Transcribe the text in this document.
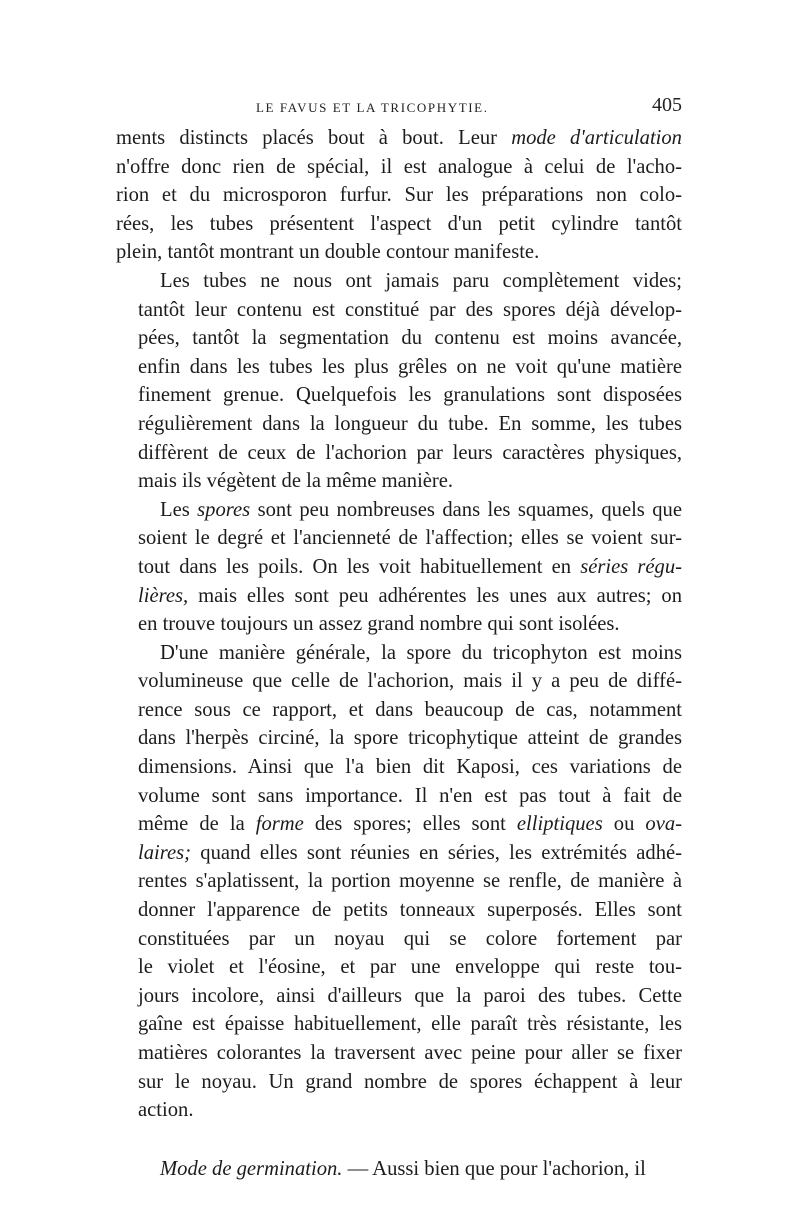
LE FAVUS ET LA TRICOPHYTIE.	405

ments distincts placés bout à bout. Leur mode d'articulation
n'offre donc rien de spécial, il est analogue à celui de l'acho-
rion et du microsporon furfur. Sur les préparations non colo-
rées, les tubes présentent l'aspect d'un petit cylindre tantôt
plein, tantôt montrant un double contour manifeste.

Les tubes ne nous ont jamais paru complètement vides;
tantôt leur contenu est constitué par des spores déjà dévelop-
pées, tantôt la segmentation du contenu est moins avancée,
enfin dans les tubes les plus grêles on ne voit qu'une matière
finement grenue. Quelquefois les granulations sont disposées
régulièrement dans la longueur du tube. En somme, les tubes
diffèrent de ceux de l'achorion par leurs caractères physiques,
mais ils végètent de la même manière.

Les spores sont peu nombreuses dans les squames, quels que
soient le degré et l'ancienneté de l'affection; elles se voient sur-
tout dans les poils. On les voit habituellement en séries régu-
lières, mais elles sont peu adhérentes les unes aux autres; on
en trouve toujours un assez grand nombre qui sont isolées.

D'une manière générale, la spore du tricophyton est moins
volumineuse que celle de l'achorion, mais il y a peu de diffé-
rence sous ce rapport, et dans beaucoup de cas, notamment
dans l'herpès circiné, la spore tricophytique atteint de grandes
dimensions. Ainsi que l'a bien dit Kaposi, ces variations de
volume sont sans importance. Il n'en est pas tout à fait de
même de la forme des spores; elles sont elliptiques ou ova-
laires; quand elles sont réunies en séries, les extrémités adhé-
rentes s'aplatissent, la portion moyenne se renfle, de manière à
donner l'apparence de petits tonneaux superposés. Elles sont
constituées par un noyau qui se colore fortement par
le violet et l'éosine, et par une enveloppe qui reste tou-
jours incolore, ainsi d'ailleurs que la paroi des tubes. Cette
gaîne est épaisse habituellement, elle paraît très résistante, les
matières colorantes la traversent avec peine pour aller se fixer
sur le noyau. Un grand nombre de spores échappent à leur
action.

Mode de germination. — Aussi bien que pour l'achorion, il
